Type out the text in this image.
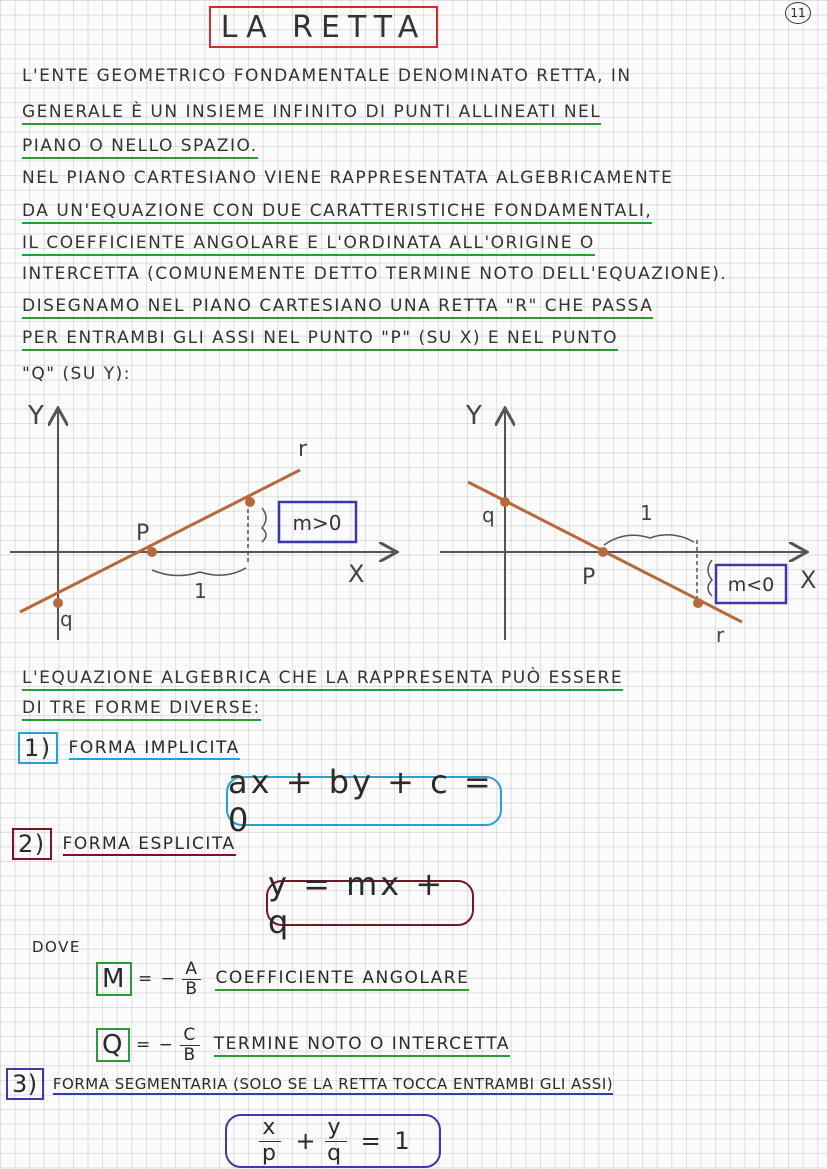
LA RETTA	11
L'ENTE GEOMETRICO FONDAMENTALE DENOMINATO RETTA, IN
GENERALE È UN INSIEME INFINITO DI PUNTI ALLINEATI NEL
PIANO O NELLO SPAZIO.
NEL PIANO CARTESIANO VIENE RAPPRESENTATA ALGEBRICAMENTE
DA UN'EQUAZIONE CON DUE CARATTERISTICHE FONDAMENTALI,
IL COEFFICIENTE ANGOLARE E L'ORDINATA ALL'ORIGINE O
INTERCETTA (COMUNEMENTE DETTO TERMINE NOTO DELL'EQUAZIONE).
DISEGNAMO NEL PIANO CARTESIANO UNA RETTA "R" CHE PASSA
PER ENTRAMBI GLI ASSI NEL PUNTO "P" (SU X) E NEL PUNTO
"Q" (SU Y):
Y
X
r
P
q
1
m>0
Y
X
r
P
q	1
m<0
L'EQUAZIONE ALGEBRICA CHE LA RAPPRESENTA PUÒ ESSERE
DI TRE FORME DIVERSE:
1) FORMA IMPLICITA
ax + by + c = 0
2) FORMA ESPLICITA
y = mx + q
DOVE
M = − $\frac{A}{B}$ COEFFICIENTE ANGOLARE
Q = − $\frac{C}{B}$ TERMINE NOTO O INTERCETTA
3) FORMA SEGMENTARIA (SOLO SE LA RETTA TOCCA ENTRAMBI GLI ASSI)
$\frac{x}{p} + \frac{y}{q} = 1$
